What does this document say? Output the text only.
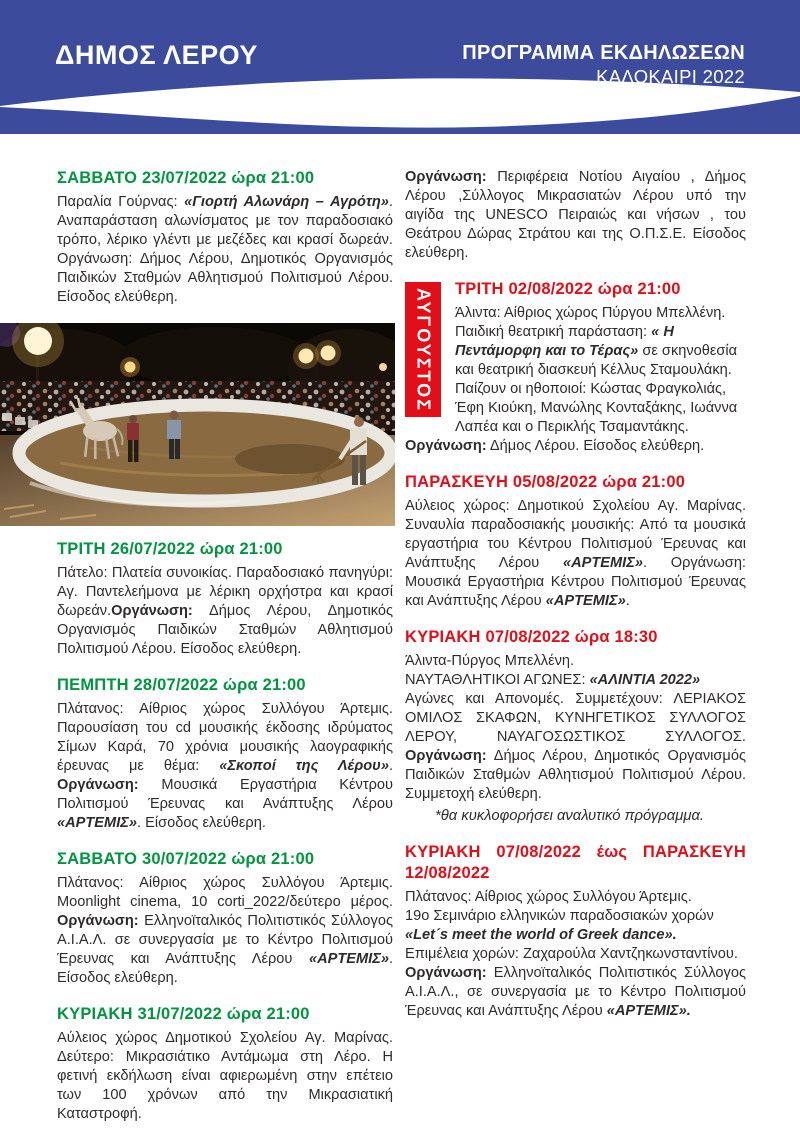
ΔΗΜΟΣ ΛΕΡΟΥ	ΠΡΟΓΡΑΜΜΑ ΕΚΔΗΛΩΣΕΩΝ
ΚΑΛΟΚΑΙΡΙ 2022
ΣΑΒΒΑΤΟ 23/07/2022 ώρα 21:00

Παραλία Γούρνας: «Γιορτή Αλωνάρη – Αγρότη». Αναπαράσταση αλωνίσματος με τον παραδοσιακό τρόπο, λέρικο γλέντι με μεζέδες και κρασί δωρεάν. Οργάνωση: Δήμος Λέρου, Δημοτικός Οργανισμός Παιδικών Σταθμών Αθλητισμού Πολιτισμού Λέρου. Είσοδος ελεύθερη.

ΤΡΙΤΗ 26/07/2022 ώρα 21:00

Πάτελο: Πλατεία συνοικίας. Παραδοσιακό πανηγύρι: Αγ. Παντελεήμονα με λέρικη ορχήστρα και κρασί δωρεάν.Οργάνωση: Δήμος Λέρου, Δημοτικός Οργανισμός Παιδικών Σταθμών Αθλητισμού Πολιτισμού Λέρου. Είσοδος ελεύθερη.

ΠΕΜΠΤΗ 28/07/2022 ώρα 21:00

Πλάτανος: Αίθριος χώρος Συλλόγου Άρτεμις. Παρουσίαση του cd μουσικής έκδοσης ιδρύματος Σίμων Καρά, 70 χρόνια μουσικής λαογραφικής έρευνας με θέμα: «Σκοποί της Λέρου». Οργάνωση: Μουσικά Εργαστήρια Κέντρου Πολιτισμού Έρευνας και Ανάπτυξης Λέρου «ΑΡΤΕΜΙΣ». Είσοδος ελεύθερη.

ΣΑΒΒΑΤΟ 30/07/2022 ώρα 21:00

Πλάτανος: Αίθριος χώρος Συλλόγου Άρτεμις. Moonlight cinema, 10 corti_2022/δεύτερο μέρος. Οργάνωση: Ελληνοϊταλικός Πολιτιστικός Σύλλογος Α.Ι.Α.Λ. σε συνεργασία με το Κέντρο Πολιτισμού Έρευνας και Ανάπτυξης Λέρου «ΑΡΤΕΜΙΣ». Είσοδος ελεύθερη.

ΚΥΡΙΑΚΗ 31/07/2022 ώρα 21:00

Αύλειος χώρος Δημοτικού Σχολείου Αγ. Μαρίνας. Δεύτερο: Μικρασιάτικο Αντάμωμα στη Λέρο. Η φετινή εκδήλωση είναι αφιερωμένη στην επέτειο των 100 χρόνων από την Μικρασιατική Καταστροφή.

Οργάνωση: Περιφέρεια Νοτίου Αιγαίου , Δήμος Λέρου ,Σύλλογος Μικρασιατών Λέρου υπό την αιγίδα της UNESCO Πειραιώς και νήσων , του Θεάτρου Δώρας Στράτου και της Ο.Π.Σ.Ε. Είσοδος ελεύθερη.

ΑΥΓΟΥΣΤΟΣ	ΤΡΙΤΗ 02/08/2022 ώρα 21:00

Άλιντα: Αίθριος χώρος Πύργου Μπελλένη. Παιδική θεατρική παράσταση: « Η Πεντάμορφη και το Τέρας» σε σκηνοθεσία και θεατρική διασκευή Κέλλυς Σταμουλάκη. Παίζουν οι ηθοποιοί: Κώστας Φραγκολιάς, Έφη Κιούκη, Μανώλης Κονταξάκης, Ιωάννα Λαπέα και ο Περικλής Τσαμαντάκης. Οργάνωση: Δήμος Λέρου. Είσοδος ελεύθερη.

ΠΑΡΑΣΚΕΥΗ 05/08/2022 ώρα 21:00

Αύλειος χώρος: Δημοτικού Σχολείου Αγ. Μαρίνας. Συναυλία παραδοσιακής μουσικής: Από τα μουσικά εργαστήρια του Κέντρου Πολιτισμού Έρευνας και Ανάπτυξης Λέρου «ΑΡΤΕΜΙΣ». Οργάνωση: Μουσικά Εργαστήρια Κέντρου Πολιτισμού Έρευνας και Ανάπτυξης Λέρου «ΑΡΤΕΜΙΣ».

ΚΥΡΙΑΚΗ 07/08/2022 ώρα 18:30

Άλιντα-Πύργος Μπελλένη.
ΝΑΥΤΑΘΛΗΤΙΚΟΙ ΑΓΩΝΕΣ: «ΑΛΙΝΤΙΑ 2022»
Αγώνες και Απονομές. Συμμετέχουν: ΛΕΡΙΑΚΟΣ ΟΜΙΛΟΣ ΣΚΑΦΩΝ, ΚΥΝΗΓΕΤΙΚΟΣ ΣΥΛΛΟΓΟΣ ΛΕΡΟΥ, ΝΑΥΑΓΟΣΩΣΤΙΚΟΣ ΣΥΛΛΟΓΟΣ. Οργάνωση: Δήμος Λέρου, Δημοτικός Οργανισμός Παιδικών Σταθμών Αθλητισμού Πολιτισμού Λέρου. Συμμετοχή ελεύθερη.

*θα κυκλοφορήσει αναλυτικό πρόγραμμα.

ΚΥΡΙΑΚΗ 07/08/2022 έως ΠΑΡΑΣΚΕΥΗ 12/08/2022

Πλάτανος: Αίθριος χώρος Συλλόγου Άρτεμις.
19ο Σεμινάριο ελληνικών παραδοσιακών χορών
«Let´s meet the world of Greek dance».
Επιμέλεια χορών: Ζαχαρούλα Χαντζηκωνσταντίνου.
Οργάνωση: Ελληνοϊταλικός Πολιτιστικός Σύλλογος Α.Ι.Α.Λ., σε συνεργασία με το Κέντρο Πολιτισμού Έρευνας και Ανάπτυξης Λέρου «ΑΡΤΕΜΙΣ».
